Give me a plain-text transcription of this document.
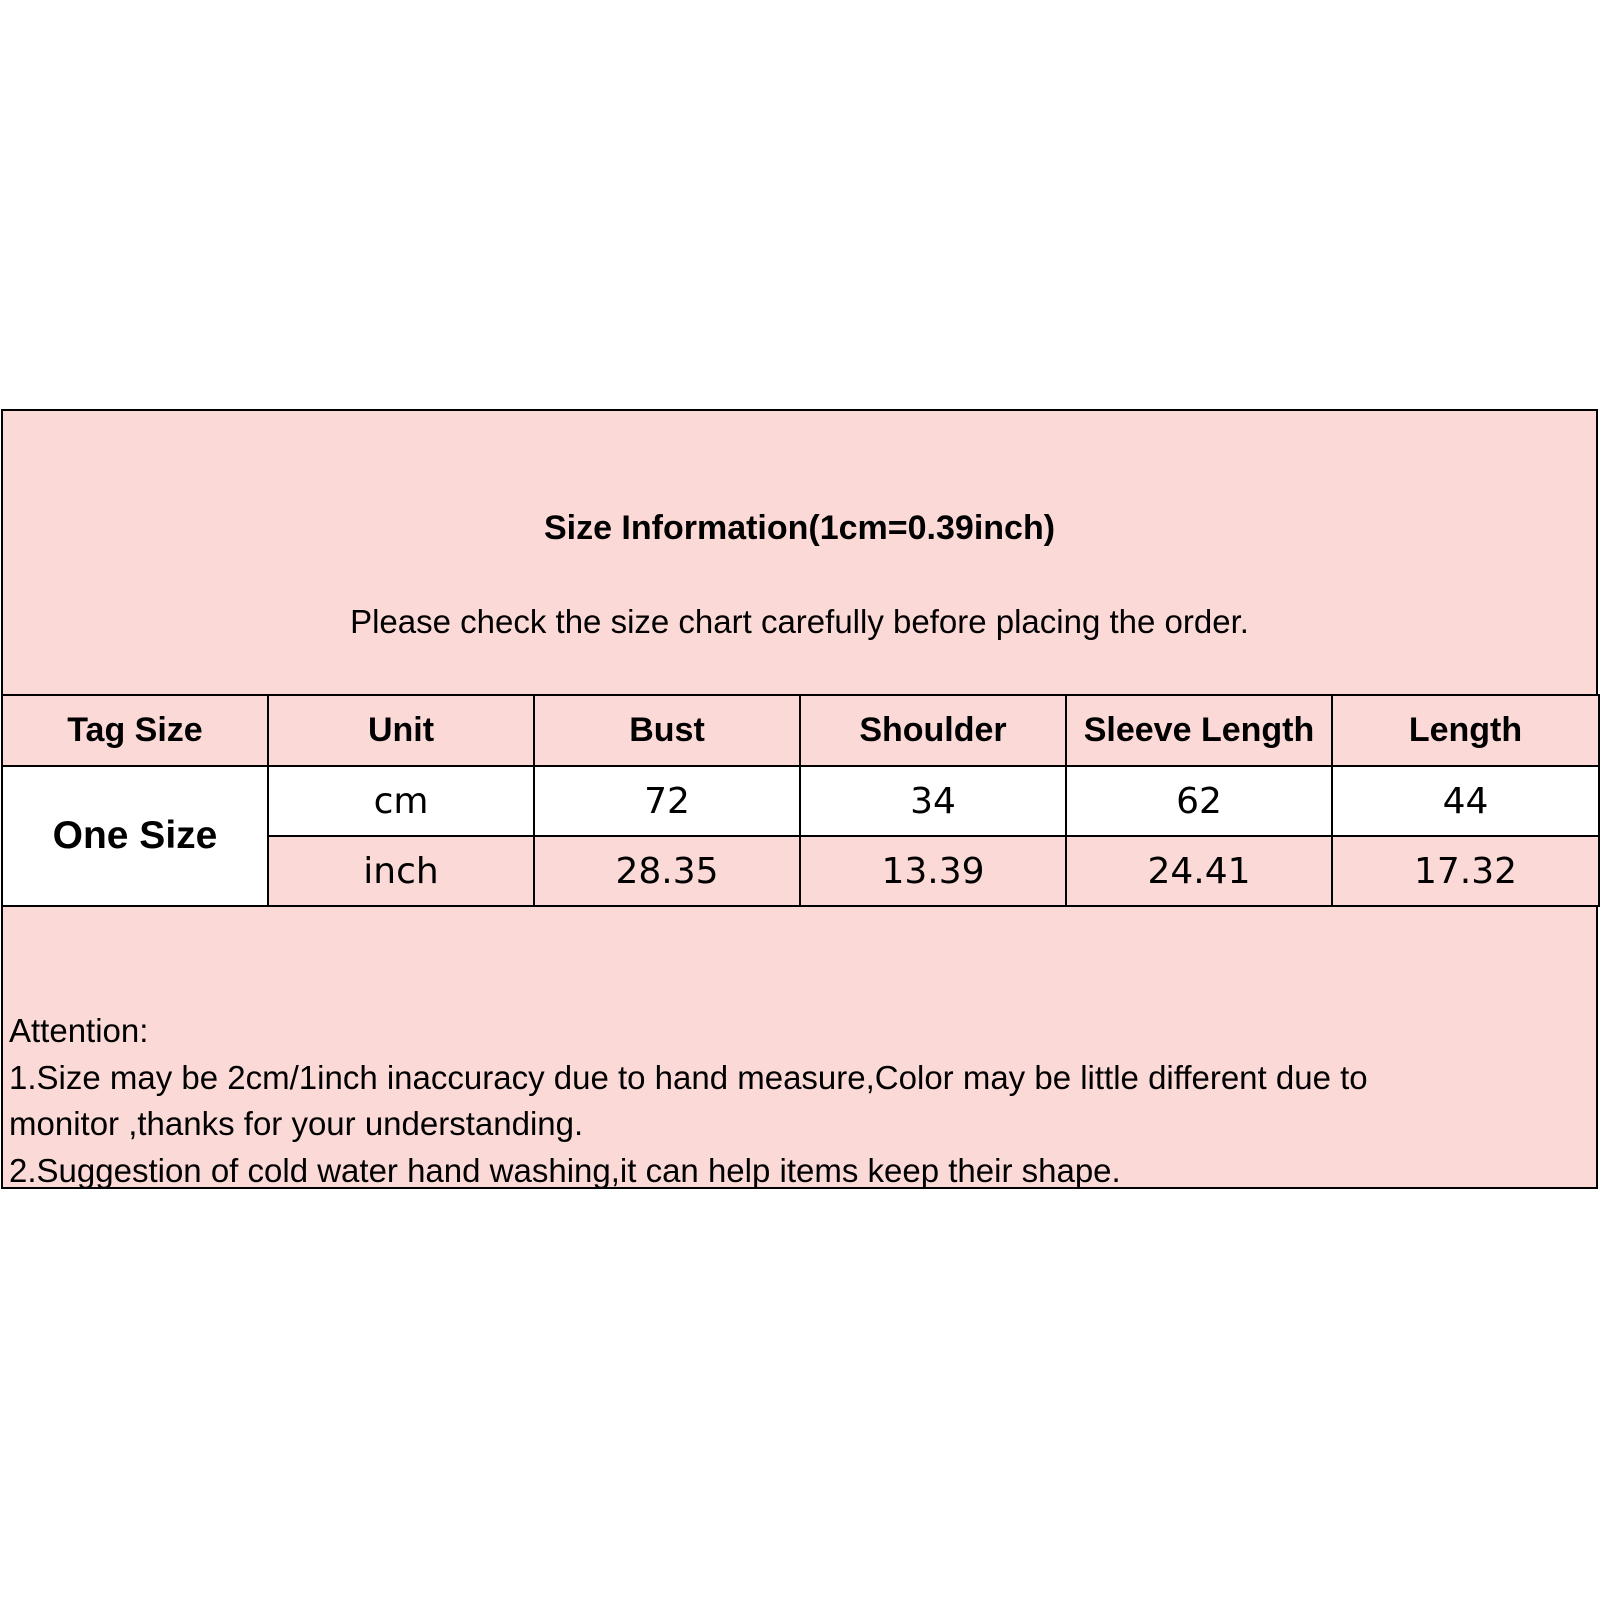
Size Information(1cm=0.39inch)
Please check the size chart carefully before placing the order.
Tag Size	Unit	Bust	Shoulder	Sleeve Length	Length
One Size	cm	72	34	62	44
	inch	28.35	13.39	24.41	17.32
Attention:
1.Size may be 2cm/1inch inaccuracy due to hand measure,Color may be little different due to
monitor ,thanks for your understanding.
2.Suggestion of cold water hand washing,it can help items keep their shape.
